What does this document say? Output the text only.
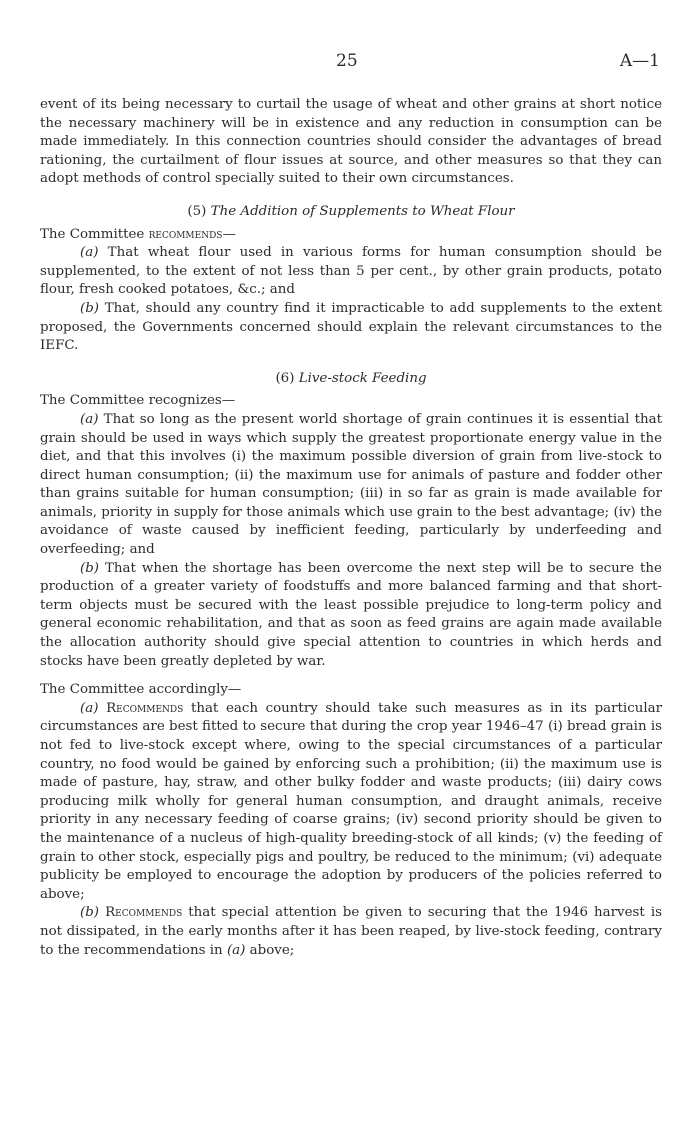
25	A—1

event of its being necessary to curtail the usage of wheat and other grains at short notice the necessary machinery will be in existence and any reduction in consumption can be made immediately. In this connection countries should consider the advantages of bread rationing, the curtailment of flour issues at source, and other measures so that they can adopt methods of control specially suited to their own circumstances.

(5) The Addition of Supplements to Wheat Flour

The Committee recommends—

(a) That wheat flour used in various forms for human consumption should be supplemented, to the extent of not less than 5 per cent., by other grain products, potato flour, fresh cooked potatoes, &c.; and

(b) That, should any country find it impracticable to add supplements to the extent proposed, the Governments concerned should explain the relevant circumstances to the IEFC.

(6) Live-stock Feeding

The Committee recognizes—

(a) That so long as the present world shortage of grain continues it is essential that grain should be used in ways which supply the greatest proportionate energy value in the diet, and that this involves (i) the maximum possible diversion of grain from live-stock to direct human consumption; (ii) the maximum use for animals of pasture and fodder other than grains suitable for human consumption; (iii) in so far as grain is made available for animals, priority in supply for those animals which use grain to the best advantage; (iv) the avoidance of waste caused by inefficient feeding, particularly by underfeeding and overfeeding; and

(b) That when the shortage has been overcome the next step will be to secure the production of a greater variety of foodstuffs and more balanced farming and that short-term objects must be secured with the least possible prejudice to long-term policy and general economic rehabilitation, and that as soon as feed grains are again made available the allocation authority should give special attention to countries in which herds and stocks have been greatly depleted by war.

The Committee accordingly—

(a) Recommends that each country should take such measures as in its particular circumstances are best fitted to secure that during the crop year 1946–47 (i) bread grain is not fed to live-stock except where, owing to the special circumstances of a particular country, no food would be gained by enforcing such a prohibition; (ii) the maximum use is made of pasture, hay, straw, and other bulky fodder and waste products; (iii) dairy cows producing milk wholly for general human consumption, and draught animals, receive priority in any necessary feeding of coarse grains; (iv) second priority should be given to the maintenance of a nucleus of high-quality breeding-stock of all kinds; (v) the feeding of grain to other stock, especially pigs and poultry, be reduced to the minimum; (vi) adequate publicity be employed to encourage the adoption by producers of the policies referred to above;

(b) Recommends that special attention be given to securing that the 1946 harvest is not dissipated, in the early months after it has been reaped, by live-stock feeding, contrary to the recommendations in (a) above;
